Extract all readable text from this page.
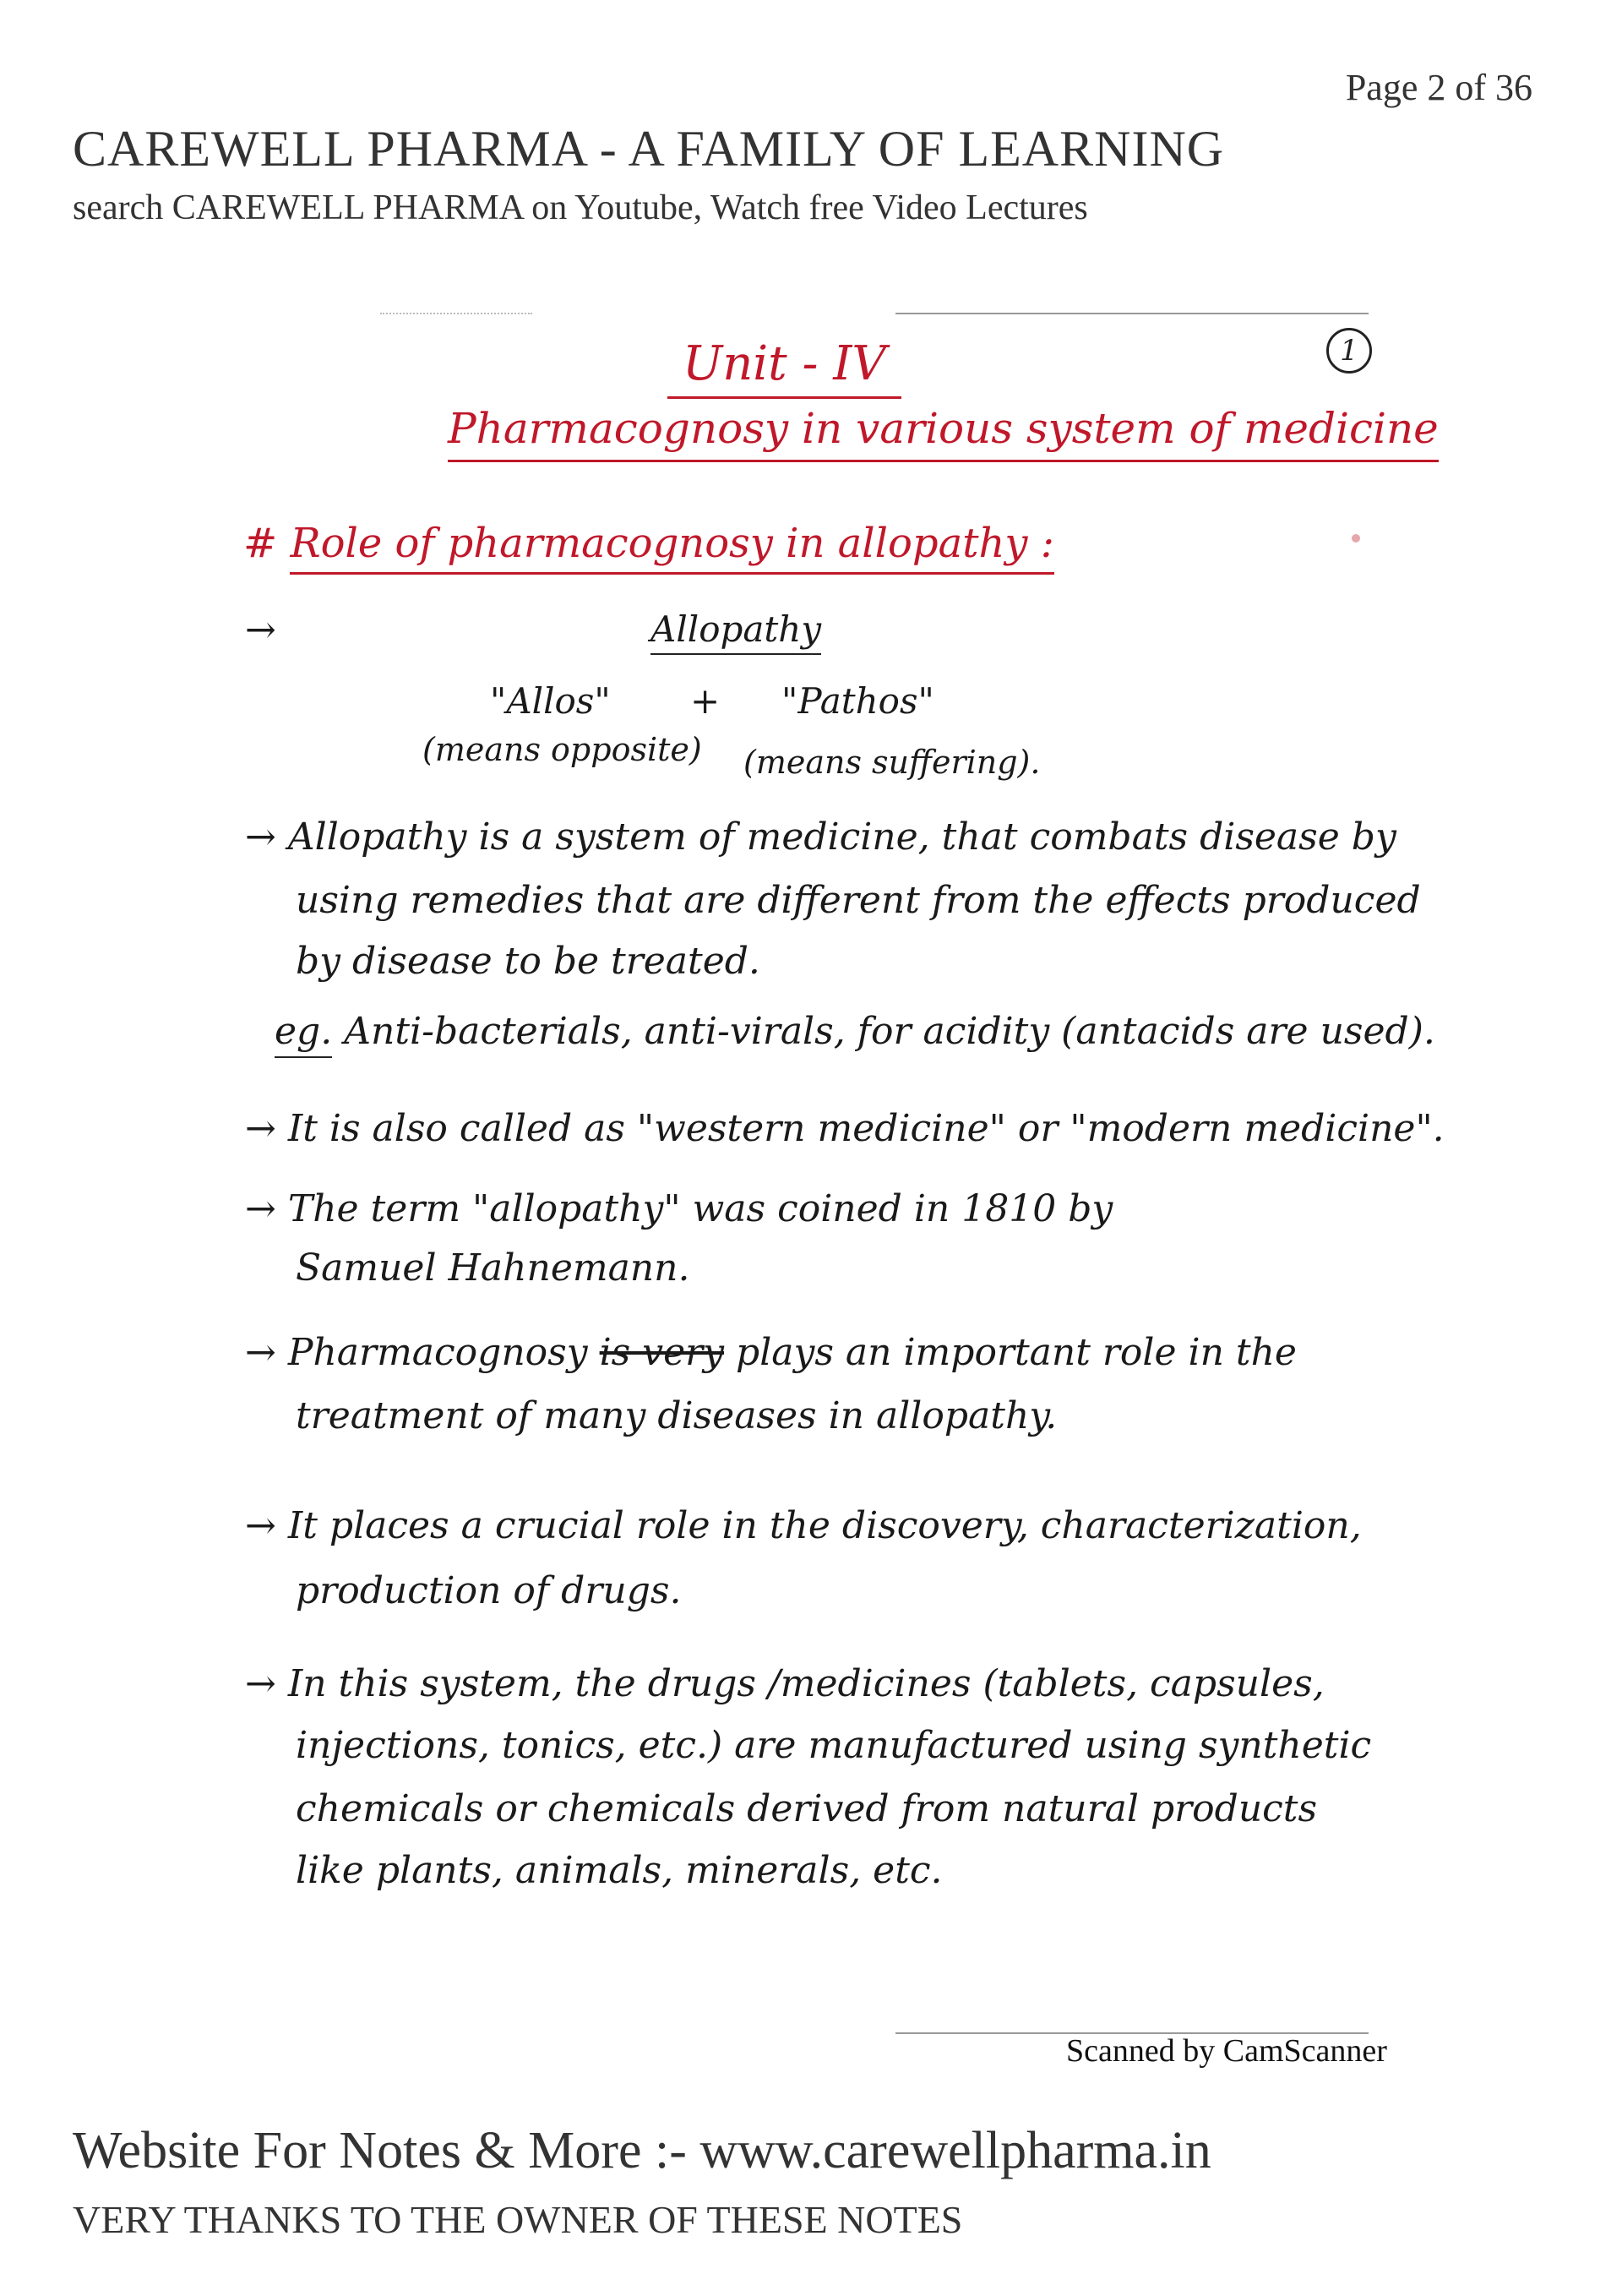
Page 2 of 36
CAREWELL PHARMA - A FAMILY OF LEARNING
search CAREWELL PHARMA on Youtube, Watch free Video Lectures
Unit - IV	1
Pharmacognosy in various system of medicine
# Role of pharmacognosy in allopathy :
→	Allopathy
"Allos" + "Pathos"
(means opposite) (means suffering).
→ Allopathy is a system of medicine, that combats disease by
using remedies that are different from the effects produced
by disease to be treated.
eg. Anti-bacterials, anti-virals, for acidity (antacids are used).
→ It is also called as "western medicine" or "modern medicine".
→ The term "allopathy" was coined in 1810 by
Samuel Hahnemann.
→ Pharmacognosy is very plays an important role in the
treatment of many diseases in allopathy.
→ It places a crucial role in the discovery, characterization,
production of drugs.
→ In this system, the drugs /medicines (tablets, capsules,
injections, tonics, etc.) are manufactured using synthetic
chemicals or chemicals derived from natural products
like plants, animals, minerals, etc.
Scanned by CamScanner
Website For Notes & More :- www.carewellpharma.in
VERY THANKS TO THE OWNER OF THESE NOTES
